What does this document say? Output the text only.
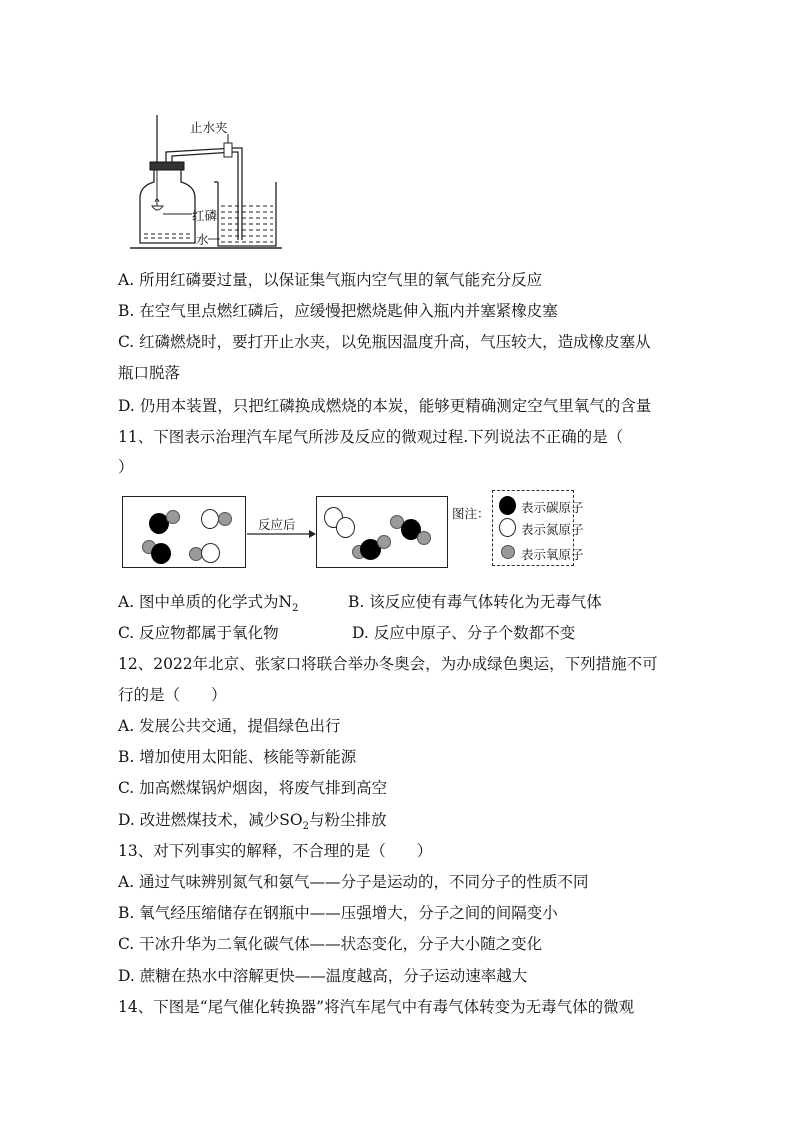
止水夹
红磷
水
A. 所用红磷要过量，以保证集气瓶内空气里的氧气能充分反应
B. 在空气里点燃红磷后，应缓慢把燃烧匙伸入瓶内并塞紧橡皮塞
C. 红磷燃烧时，要打开止水夹，以免瓶因温度升高，气压较大，造成橡皮塞从
瓶口脱落
D. 仍用本装置，只把红磷换成燃烧的本炭，能够更精确测定空气里氧气的含量
11、下图表示治理汽车尾气所涉及反应的微观过程.下列说法不正确的是（
）
反应后
图注：	表示碳原子
表示氮原子
表示氧原子
A. 图中单质的化学式为$N_2$	B. 该反应使有毒气体转化为无毒气体
C. 反应物都属于氧化物	D. 反应中原子、分子个数都不变
12、2022年北京、张家口将联合举办冬奥会，为办成绿色奥运，下列措施不可
行的是（　　）
A. 发展公共交通，提倡绿色出行
B. 增加使用太阳能、核能等新能源
C. 加高燃煤锅炉烟囱，将废气排到高空
D. 改进燃煤技术，减少$SO_2$与粉尘排放
13、对下列事实的解释，不合理的是（　　）
A. 通过气味辨别氮气和氨气——分子是运动的，不同分子的性质不同
B. 氧气经压缩储存在钢瓶中——压强增大，分子之间的间隔变小
C. 干冰升华为二氧化碳气体——状态变化，分子大小随之变化
D. 蔗糖在热水中溶解更快——温度越高，分子运动速率越大
14、下图是“尾气催化转换器”将汽车尾气中有毒气体转变为无毒气体的微观
